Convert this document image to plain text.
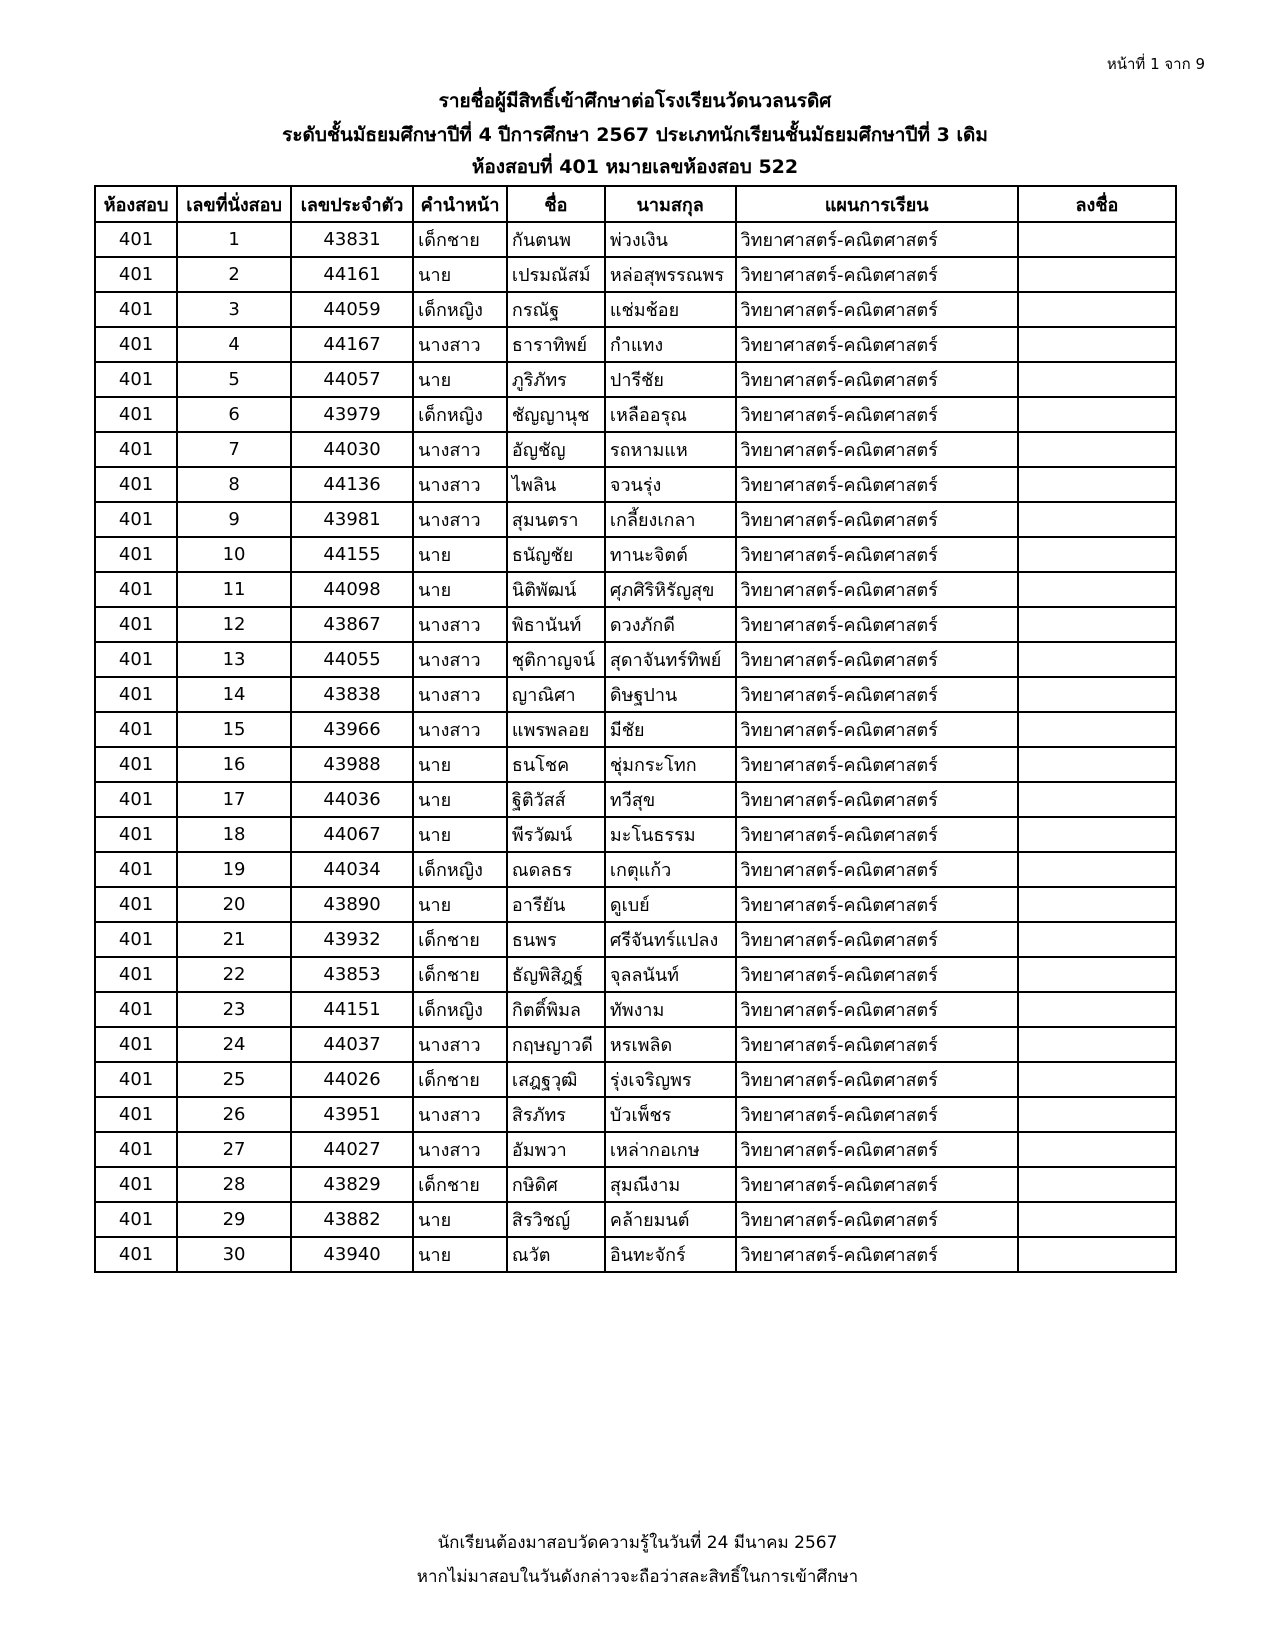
หน้าที่ 1 จาก 9
รายชื่อผู้มีสิทธิ์เข้าศึกษาต่อโรงเรียนวัดนวลนรดิศ
ระดับชั้นมัธยมศึกษาปีที่ 4 ปีการศึกษา 2567 ประเภทนักเรียนชั้นมัธยมศึกษาปีที่ 3 เดิม
ห้องสอบที่ 401 หมายเลขห้องสอบ 522
ห้องสอบ	เลขที่นั่งสอบ	เลขประจำตัว	คำนำหน้า	ชื่อ	นามสกุล	แผนการเรียน	ลงชื่อ
401	1	43831	เด็กชาย	กันตนพ	พ่วงเงิน	วิทยาศาสตร์-คณิตศาสตร์	
401	2	44161	นาย	เปรมณัสม์	หล่อสุพรรณพร	วิทยาศาสตร์-คณิตศาสตร์	
401	3	44059	เด็กหญิง	กรณัฐ	แช่มช้อย	วิทยาศาสตร์-คณิตศาสตร์	
401	4	44167	นางสาว	ธาราทิพย์	กำแทง	วิทยาศาสตร์-คณิตศาสตร์	
401	5	44057	นาย	ภูริภัทร	ปารีชัย	วิทยาศาสตร์-คณิตศาสตร์	
401	6	43979	เด็กหญิง	ชัญญานุช	เหลืออรุณ	วิทยาศาสตร์-คณิตศาสตร์	
401	7	44030	นางสาว	อัญชัญ	รถหามแห	วิทยาศาสตร์-คณิตศาสตร์	
401	8	44136	นางสาว	ไพลิน	จวนรุ่ง	วิทยาศาสตร์-คณิตศาสตร์	
401	9	43981	นางสาว	สุมนตรา	เกลี้ยงเกลา	วิทยาศาสตร์-คณิตศาสตร์	
401	10	44155	นาย	ธนัญชัย	ทานะจิตต์	วิทยาศาสตร์-คณิตศาสตร์	
401	11	44098	นาย	นิติพัฒน์	ศุภศิริหิรัญสุข	วิทยาศาสตร์-คณิตศาสตร์	
401	12	43867	นางสาว	พิธานันท์	ดวงภักดี	วิทยาศาสตร์-คณิตศาสตร์	
401	13	44055	นางสาว	ชุติกาญจน์	สุดาจันทร์ทิพย์	วิทยาศาสตร์-คณิตศาสตร์	
401	14	43838	นางสาว	ญาณิศา	ดิษฐปาน	วิทยาศาสตร์-คณิตศาสตร์	
401	15	43966	นางสาว	แพรพลอย	มีชัย	วิทยาศาสตร์-คณิตศาสตร์	
401	16	43988	นาย	ธนโชค	ชุ่มกระโทก	วิทยาศาสตร์-คณิตศาสตร์	
401	17	44036	นาย	ฐิติวัสส์	ทวีสุข	วิทยาศาสตร์-คณิตศาสตร์	
401	18	44067	นาย	พีรวัฒน์	มะโนธรรม	วิทยาศาสตร์-คณิตศาสตร์	
401	19	44034	เด็กหญิง	ณดลธร	เกตุแก้ว	วิทยาศาสตร์-คณิตศาสตร์	
401	20	43890	นาย	อารียัน	ดูเบย์	วิทยาศาสตร์-คณิตศาสตร์	
401	21	43932	เด็กชาย	ธนพร	ศรีจันทร์แปลง	วิทยาศาสตร์-คณิตศาสตร์	
401	22	43853	เด็กชาย	ธัญพิสิฎฐ์	จุลลนันท์	วิทยาศาสตร์-คณิตศาสตร์	
401	23	44151	เด็กหญิง	กิตติ์พิมล	ทัพงาม	วิทยาศาสตร์-คณิตศาสตร์	
401	24	44037	นางสาว	กฤษญาวดี	หรเพลิด	วิทยาศาสตร์-คณิตศาสตร์	
401	25	44026	เด็กชาย	เสฎฐวุฒิ	รุ่งเจริญพร	วิทยาศาสตร์-คณิตศาสตร์	
401	26	43951	นางสาว	สิรภัทร	บัวเพ็ชร	วิทยาศาสตร์-คณิตศาสตร์	
401	27	44027	นางสาว	อัมพวา	เหล่ากอเกษ	วิทยาศาสตร์-คณิตศาสตร์	
401	28	43829	เด็กชาย	กษิดิศ	สุมณีงาม	วิทยาศาสตร์-คณิตศาสตร์	
401	29	43882	นาย	สิรวิชญ์	คล้ายมนต์	วิทยาศาสตร์-คณิตศาสตร์	
401	30	43940	นาย	ณวัต	อินทะจักร์	วิทยาศาสตร์-คณิตศาสตร์	
นักเรียนต้องมาสอบวัดความรู้ในวันที่ 24 มีนาคม 2567
หากไม่มาสอบในวันดังกล่าวจะถือว่าสละสิทธิ์ในการเข้าศึกษา
